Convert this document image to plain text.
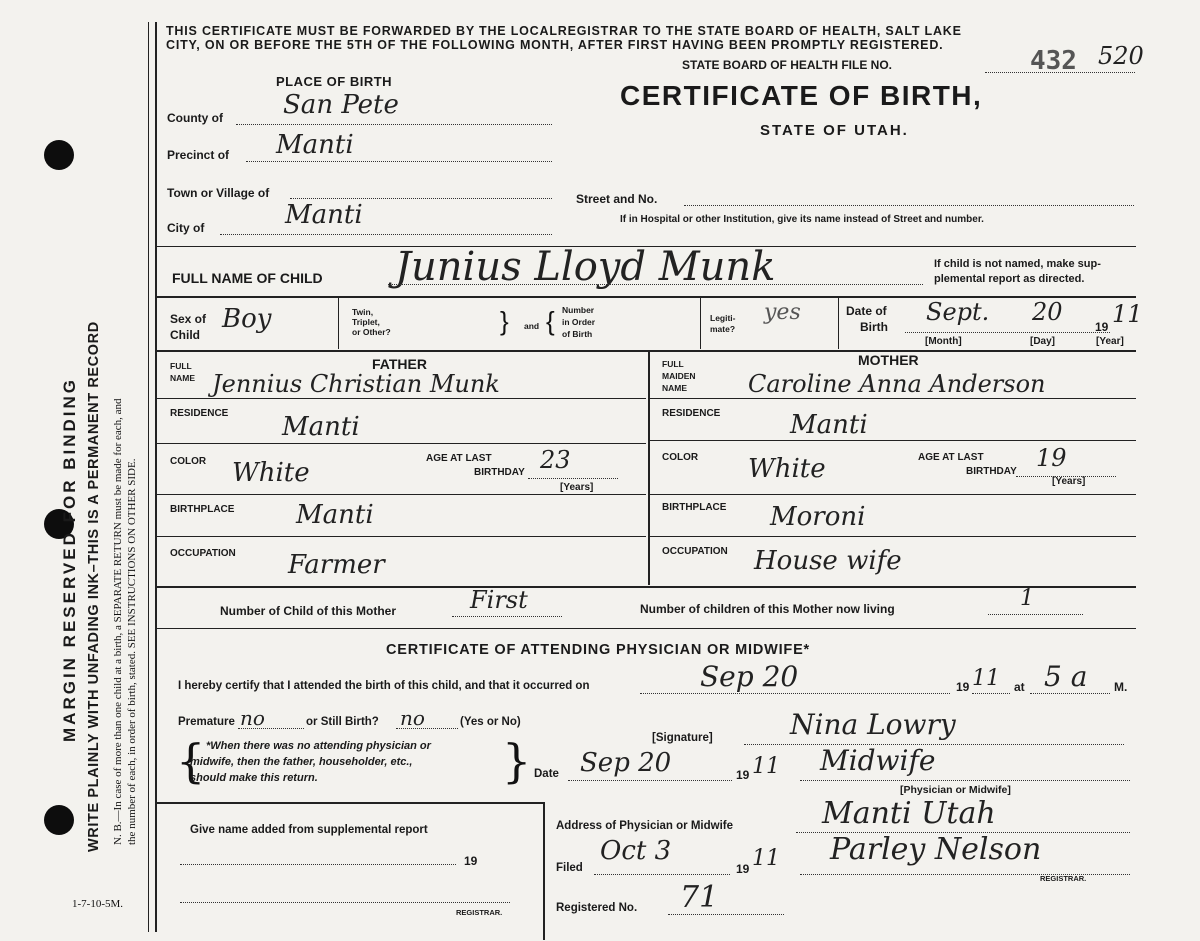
MARGIN RESERVED FOR BINDING WRITE PLAINLY WITH UNFADING INK–THIS IS A PERMANENT RECORD N. B.—In case of more than one child at a birth, a SEPARATE RETURN must be made for each, and the number of each, in order of birth, stated. SEE INSTRUCTIONS ON OTHER SIDE.
1-7-10-5M.
THIS CERTIFICATE MUST BE FORWARDED BY THE LOCALREGISTRAR TO THE STATE BOARD OF HEALTH, SALT LAKE
CITY, ON OR BEFORE THE 5TH OF THE FOLLOWING MONTH, AFTER FIRST HAVING BEEN PROMPTLY REGISTERED.
STATE BOARD OF HEALTH FILE NO.	432 520
CERTIFICATE OF BIRTH,
STATE OF UTAH.
PLACE OF BIRTH
County of San Pete
Precinct of Manti
Town or Village of	Street and No.
If in Hospital or other Institution, give its name instead of Street and number.
City of	Manti
FULL NAME OF CHILD Junius Lloyd Munk	If child is not named, make sup-
plemental report as directed.
Sex of
Child
Boy	Twin,
Triplet,
or Other?	} and { Number
in Order
of Birth
Legiti-
mate?
yes	Date of
Birth
Sept. 20
19 11
[Month]	[Day]	[Year]
FATHER
FULL
NAME Jennius Christian Munk
RESIDENCE Manti
COLOR White	AGE AT LAST
BIRTHDAY 23
[Years]
BIRTHPLACE Manti
OCCUPATION Farmer
MOTHER
FULL
MAIDEN
NAME	Caroline Anna Anderson
RESIDENCE	Manti
COLOR White	AGE AT LAST
BIRTHDAY 19
[Years]
BIRTHPLACE Moroni
OCCUPATION House wife
Number of Child of this Mother	First	Number of children of this Mother now living	1
CERTIFICATE OF ATTENDING PHYSICIAN OR MIDWIFE*
I hereby certify that I attended the birth of this child, and that it occurred on	Sep 20	19 11 at 5 a M.
Premature no	or Still Birth? no	(Yes or No)
{ *When there was no attending physician or
midwife, then the father, householder, etc.,
should make this return.	}	[Signature]	Nina Lowry
Date Sep 20	19 11 Midwife
[Physician or Midwife]
Give name added from supplemental report
19
REGISTRAR.
Address of Physician or Midwife	Manti Utah
Filed
Oct 3
19 11 Parley Nelson
REGISTRAR.
Registered No. 71
